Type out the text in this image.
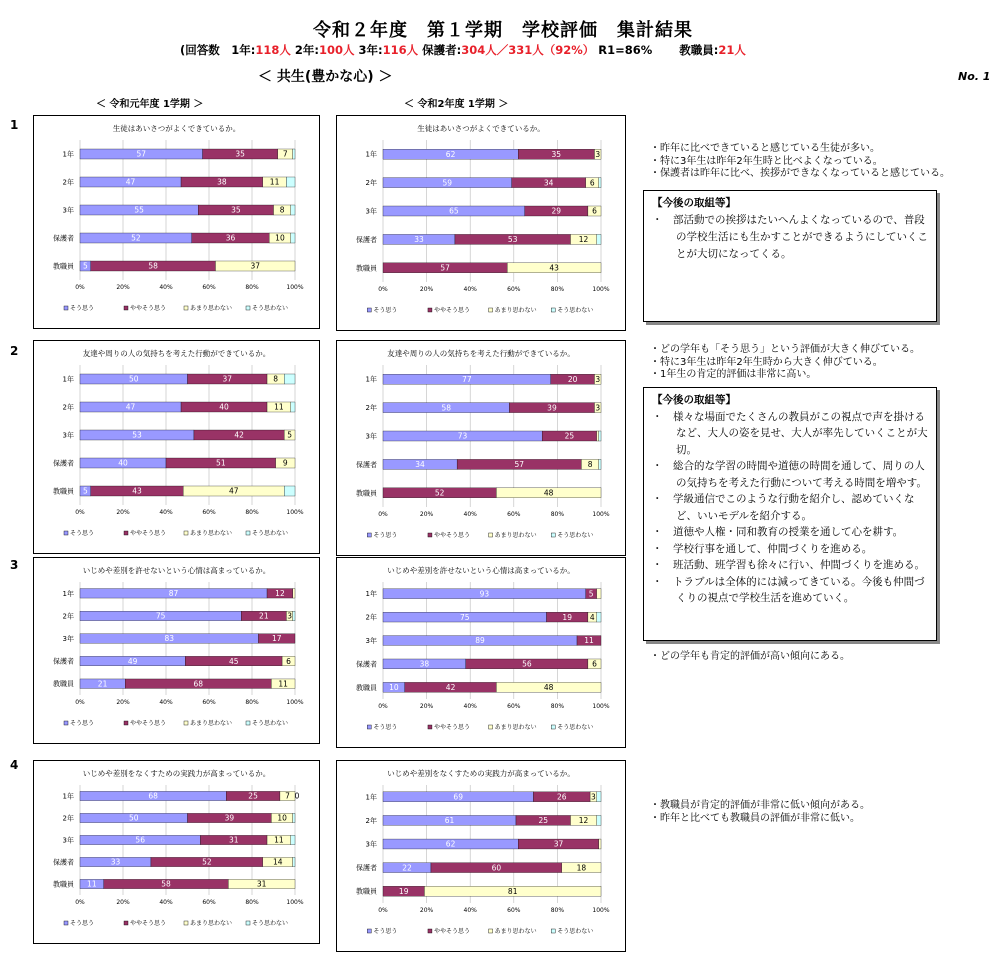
令和２年度　第１学期　学校評価　集計結果
(回答数　1年:118人 2年:100人 3年:116人 保護者:304人／331人（92%） R1=86%　　 教職員:21人
＜ 共生(豊かな心) ＞	No. 1
＜ 令和元年度 1学期 ＞	＜ 令和2年度 1学期 ＞
1
2
3
4
生徒はあいさつがよくできているか。
0%	20%	40%	60%	80%	100%
1年	57	35	7
2年	47	38	11
3年	55	35	8
保護者	52	36	10
教職員 5	58	37
そう思う	ややそう思う	あまり思わない	そう思わない
生徒はあいさつがよくできているか。
0%	20%	40%	60%	80%	100%
1年	62	35	3
2年	59	34	6
3年	65	29	6
保護者	33	53	12
教職員	57	43
そう思う	ややそう思う	あまり思わない	そう思わない
友達や周りの人の気持ちを考えた行動ができているか。
0%	20%	40%	60%	80%	100%
1年	50	37	8
2年	47	40	11
3年	53	42	5
保護者	40	51	9
教職員 5	43	47
そう思う	ややそう思う	あまり思わない	そう思わない
友達や周りの人の気持ちを考えた行動ができているか。
0%	20%	40%	60%	80%	100%
1年	77	20 3
2年	58	39	3
3年	73	25
保護者	34	57	8
教職員	52	48
そう思う	ややそう思う	あまり思わない	そう思わない
いじめや差別を許せないという心情は高まっているか。
0%	20%	40%	60%	80%	100%
1年	87	12
2年	75	21 3
3年	83	17
保護者	49	45	6
教職員	21	68	11
そう思う	ややそう思う	あまり思わない	そう思わない
いじめや差別を許せないという心情は高まっているか。
0%	20%	40%	60%	80%	100%
1年	93	5
2年	75	19 4
3年	89	11
保護者	38	56	6
教職員 10	42	48
そう思う	ややそう思う	あまり思わない	そう思わない
いじめや差別をなくすための実践力が高まっているか。
0%	20%	40%	60%	80%	100%
1年	68	25	7 0
2年	50	39	10
3年	56	31	11
保護者	33	52	14
教職員 11	58	31
そう思う	ややそう思う	あまり思わない	そう思わない
いじめや差別をなくすための実践力が高まっているか。
0%	20%	40%	60%	80%	100%
1年	69	26	3
2年	61	25	12
3年	62	37
保護者	22	60	18
教職員	19	81
そう思う	ややそう思う	あまり思わない	そう思わない
・昨年に比べできていると感じている生徒が多い。
・特に3年生は昨年2年生時と比べよくなっている。
・保護者は昨年に比べ、挨拶ができなくなっていると感じている。
【今後の取組等】
・　部活動での挨拶はたいへんよくなっているので、普段の学校生活にも生かすことができるようにしていくことが大切になってくる。
・どの学年も「そう思う」という評価が大きく伸びている。
・特に3年生は昨年2年生時から大きく伸びている。
・1年生の肯定的評価は非常に高い。
【今後の取組等】
・　様々な場面でたくさんの教員がこの視点で声を掛けるなど、大人の姿を見せ、大人が率先していくことが大切。
・　総合的な学習の時間や道徳の時間を通して、周りの人の気持ちを考えた行動について考える時間を増やす。
・　学級通信でこのような行動を紹介し、認めていくなど、いいモデルを紹介する。
・　道徳や人権・同和教育の授業を通して心を耕す。
・　学校行事を通して、仲間づくりを進める。
・　班活動、班学習も徐々に行い、仲間づくりを進める。
・　トラブルは全体的には減ってきている。今後も仲間づくりの視点で学校生活を進めていく。
・どの学年も肯定的評価が高い傾向にある。
・教職員が肯定的評価が非常に低い傾向がある。
・昨年と比べても教職員の評価が非常に低い。
